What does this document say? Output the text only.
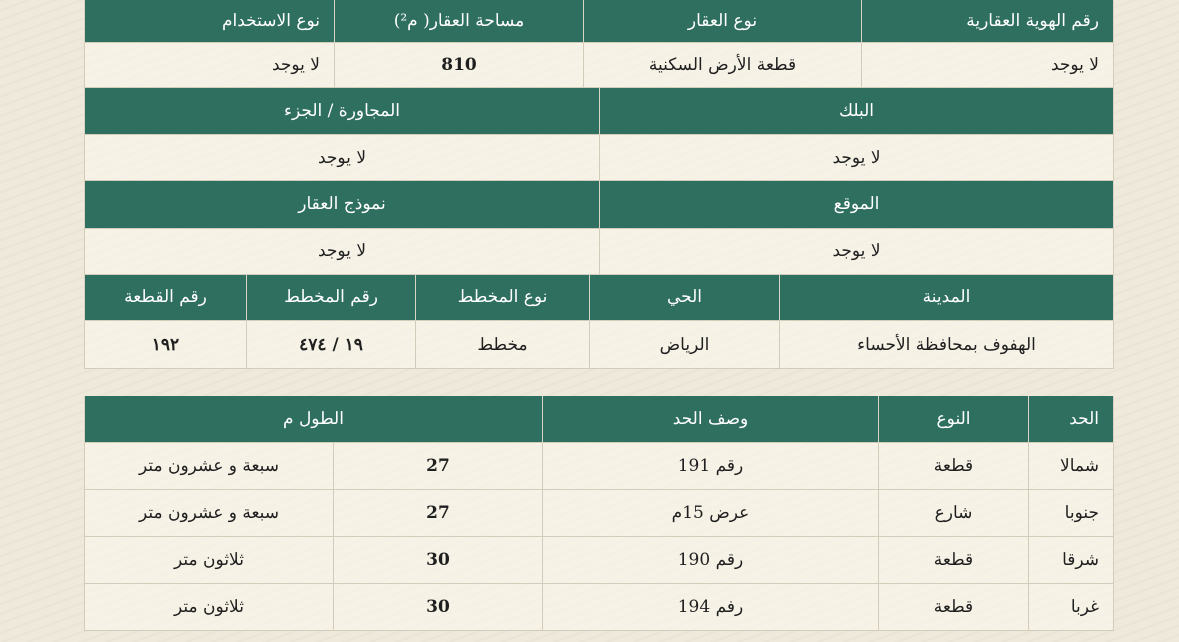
رقم الهوية العقارية	نوع العقار	مساحة العقار( م²)	نوع الاستخدام
لا يوجد	قطعة الأرض السكنية	810	لا يوجد
البلك	المجاورة / الجزء
لا يوجد	لا يوجد
الموقع	نموذج العقار
لا يوجد	لا يوجد
المدينة	الحي	نوع المخطط	رقم المخطط	رقم القطعة
الهفوف بمحافظة الأحساء	الرياض	مخطط	١٩ / ٤٧٤	١٩٢
الحد	النوع	وصف الحد	الطول م	
شمالا	قطعة	رقم 191	27	سبعة و عشرون متر
جنوبا	شارع	عرض 15م	27	سبعة و عشرون متر
شرقا	قطعة	رقم 190	30	ثلاثون متر
غربا	قطعة	رفم 194	30	ثلاثون متر
